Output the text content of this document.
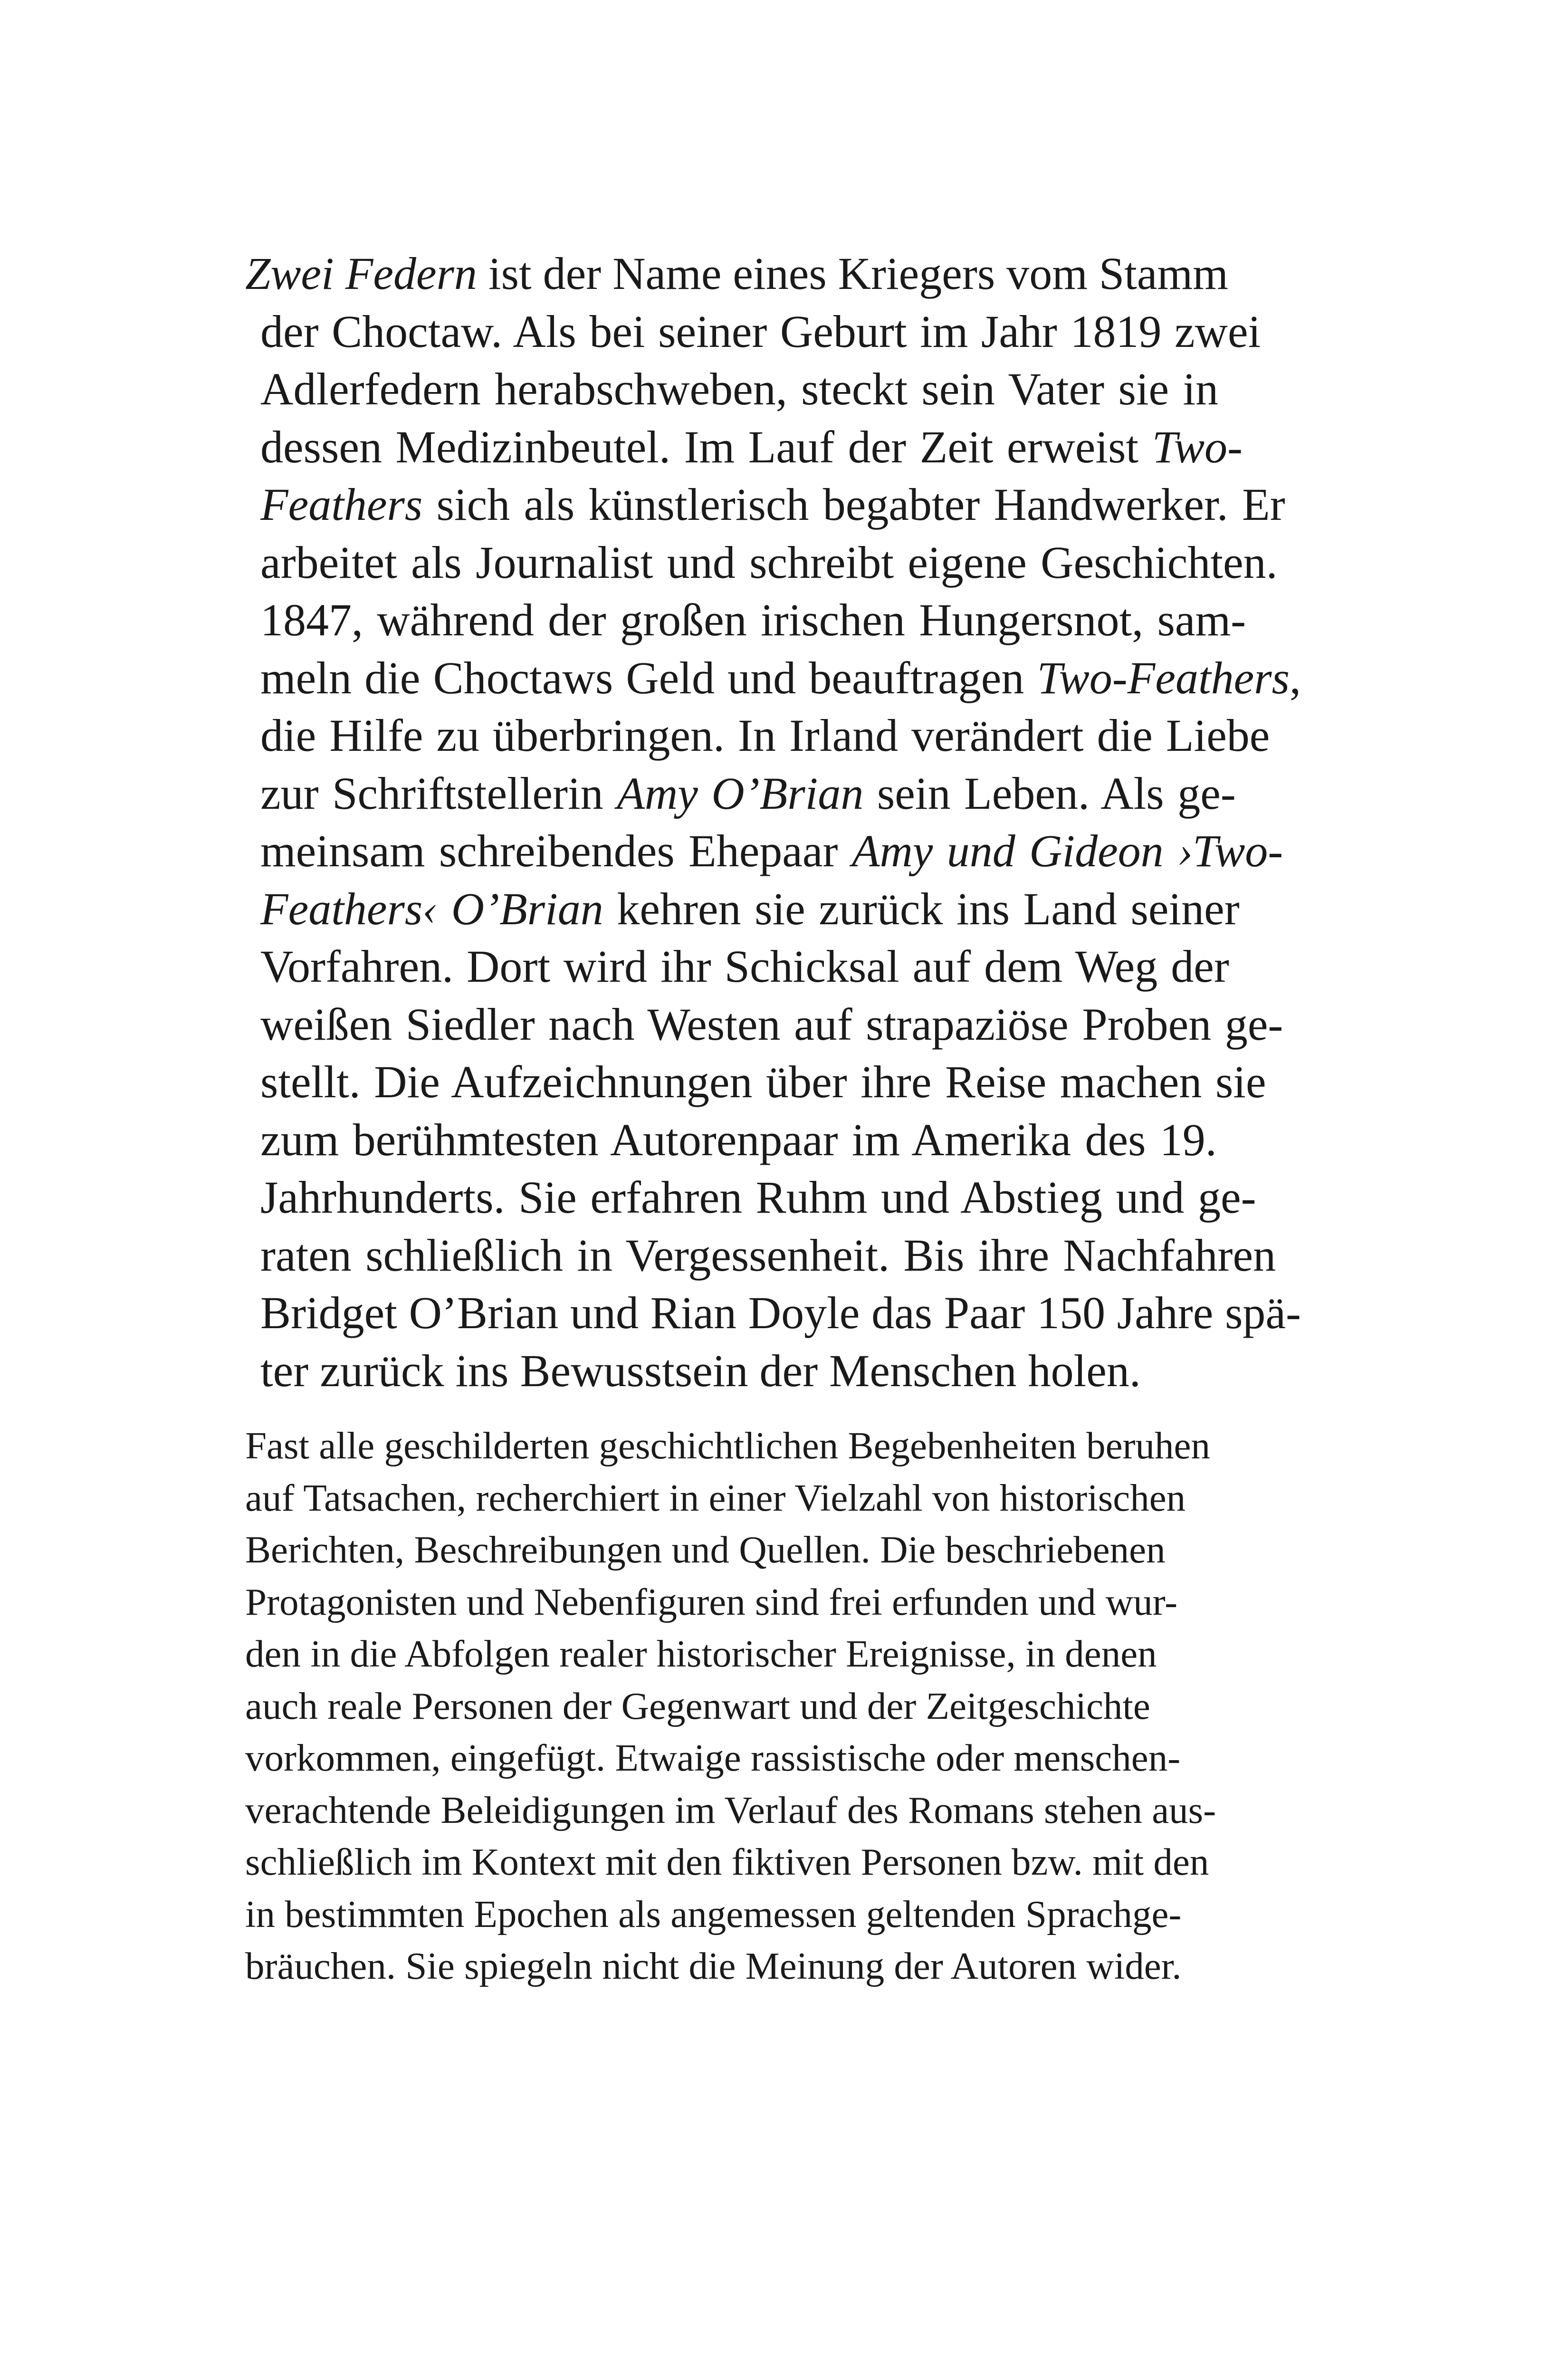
Zwei Federn ist der Name eines Kriegers vom Stamm
der Choctaw. Als bei seiner Geburt im Jahr 1819 zwei
Adlerfedern herabschweben, steckt sein Vater sie in
dessen Medizinbeutel. Im Lauf der Zeit erweist Two-
Feathers sich als künstlerisch begabter Handwerker. Er
arbeitet als Journalist und schreibt eigene Geschichten.
1847, während der großen irischen Hungersnot, sam-
meln die Choctaws Geld und beauftragen Two-Feathers,
die Hilfe zu überbringen. In Irland verändert die Liebe
zur Schriftstellerin Amy O’Brian sein Leben. Als ge-
meinsam schreibendes Ehepaar Amy und Gideon ›Two-
Feathers‹ O’Brian kehren sie zurück ins Land seiner
Vorfahren. Dort wird ihr Schicksal auf dem Weg der
weißen Siedler nach Westen auf strapaziöse Proben ge-
stellt. Die Aufzeichnungen über ihre Reise machen sie
zum berühmtesten Autorenpaar im Amerika des 19.
Jahrhunderts. Sie erfahren Ruhm und Abstieg und ge-
raten schließlich in Vergessenheit. Bis ihre Nachfahren
Bridget O’Brian und Rian Doyle das Paar 150 Jahre spä-
ter zurück ins Bewusstsein der Menschen holen.
Fast alle geschilderten geschichtlichen Begebenheiten beruhen
auf Tatsachen, recherchiert in einer Vielzahl von historischen
Berichten, Beschreibungen und Quellen. Die beschriebenen
Protagonisten und Nebenfiguren sind frei erfunden und wur-
den in die Abfolgen realer historischer Ereignisse, in denen
auch reale Personen der Gegenwart und der Zeitgeschichte
vorkommen, eingefügt. Etwaige rassistische oder menschen-
verachtende Beleidigungen im Verlauf des Romans stehen aus-
schließlich im Kontext mit den fiktiven Personen bzw. mit den
in bestimmten Epochen als angemessen geltenden Sprachge-
bräuchen. Sie spiegeln nicht die Meinung der Autoren wider.
